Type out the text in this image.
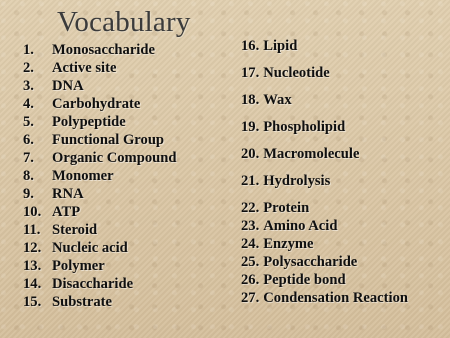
Vocabulary
1. Monosaccharide
2. Active site
3. DNA
4. Carbohydrate
5. Polypeptide
6. Functional Group
7. Organic Compound
8. Monomer
9. RNA
10. ATP
11. Steroid
12. Nucleic acid
13. Polymer
14. Disaccharide
15. Substrate
16. Lipid
17. Nucleotide
18. Wax
19. Phospholipid
20. Macromolecule
21. Hydrolysis
22. Protein
23. Amino Acid
24. Enzyme
25. Polysaccharide
26. Peptide bond
27. Condensation Reaction
